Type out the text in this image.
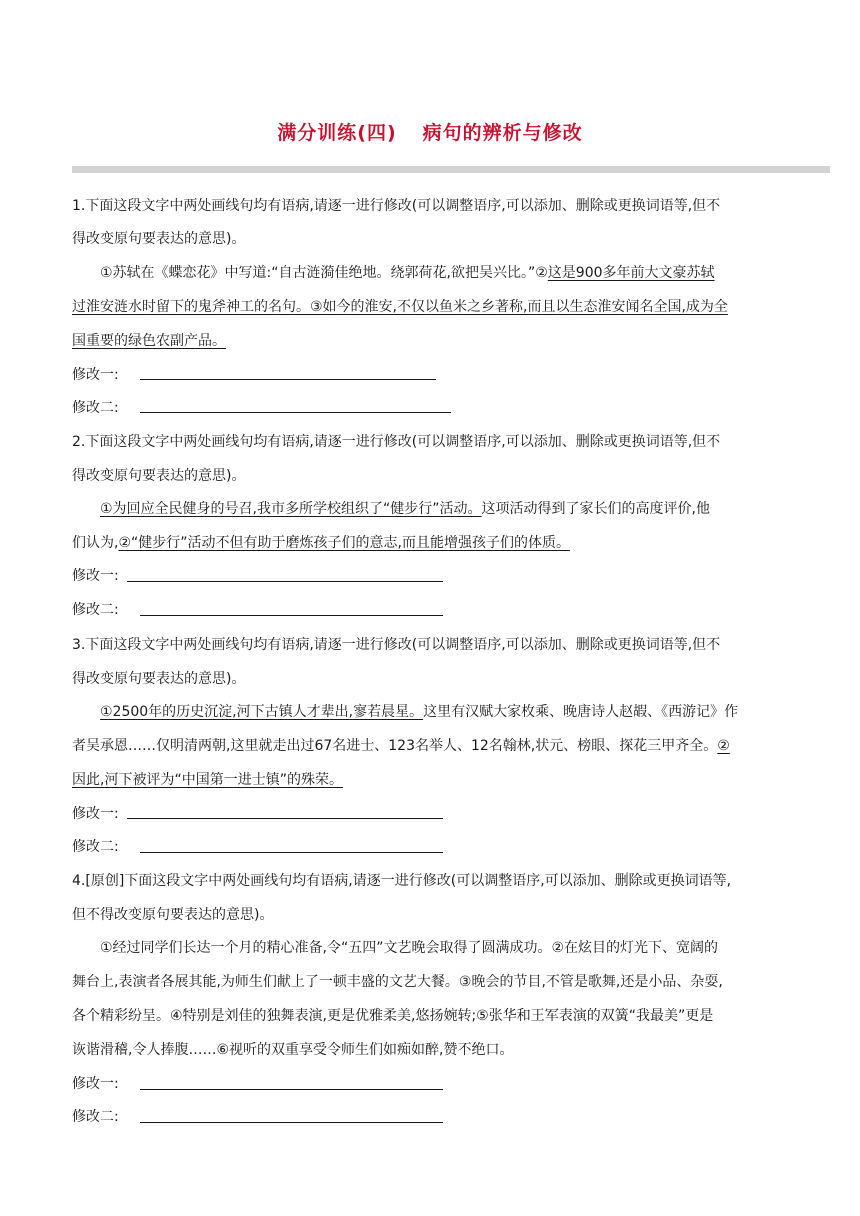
满分训练(四) 病句的辨析与修改
1.下面这段文字中两处画线句均有语病,请逐一进行修改(可以调整语序,可以添加、删除或更换词语等,但不
得改变原句要表达的意思)。
①苏轼在《蝶恋花》中写道:“自古涟漪佳绝地。绕郭荷花,欲把吴兴比。”②这是900多年前大文豪苏轼
过淮安涟水时留下的鬼斧神工的名句。③如今的淮安,不仅以鱼米之乡著称,而且以生态淮安闻名全国,成为全
国重要的绿色农副产品。
修改一:
修改二:
2.下面这段文字中两处画线句均有语病,请逐一进行修改(可以调整语序,可以添加、删除或更换词语等,但不
得改变原句要表达的意思)。
①为回应全民健身的号召,我市多所学校组织了“健步行”活动。这项活动得到了家长们的高度评价,他
们认为,②“健步行”活动不但有助于磨炼孩子们的意志,而且能增强孩子们的体质。
修改一:
修改二:
3.下面这段文字中两处画线句均有语病,请逐一进行修改(可以调整语序,可以添加、删除或更换词语等,但不
得改变原句要表达的意思)。
①2500年的历史沉淀,河下古镇人才辈出,寥若晨星。这里有汉赋大家枚乘、晚唐诗人赵嘏、《西游记》作
者吴承恩……仅明清两朝,这里就走出过67名进士、123名举人、12名翰林,状元、榜眼、探花三甲齐全。②
因此,河下被评为“中国第一进士镇”的殊荣。
修改一:
修改二:
4.[原创]下面这段文字中两处画线句均有语病,请逐一进行修改(可以调整语序,可以添加、删除或更换词语等,
但不得改变原句要表达的意思)。
①经过同学们长达一个月的精心准备,令“五四”文艺晚会取得了圆满成功。②在炫目的灯光下、宽阔的
舞台上,表演者各展其能,为师生们献上了一顿丰盛的文艺大餐。③晚会的节目,不管是歌舞,还是小品、杂耍,
各个精彩纷呈。④特别是刘佳的独舞表演,更是优雅柔美,悠扬婉转;⑤张华和王军表演的双簧“我最美”更是
诙谐滑稽,令人捧腹……⑥视听的双重享受令师生们如痴如醉,赞不绝口。
修改一:
修改二:
